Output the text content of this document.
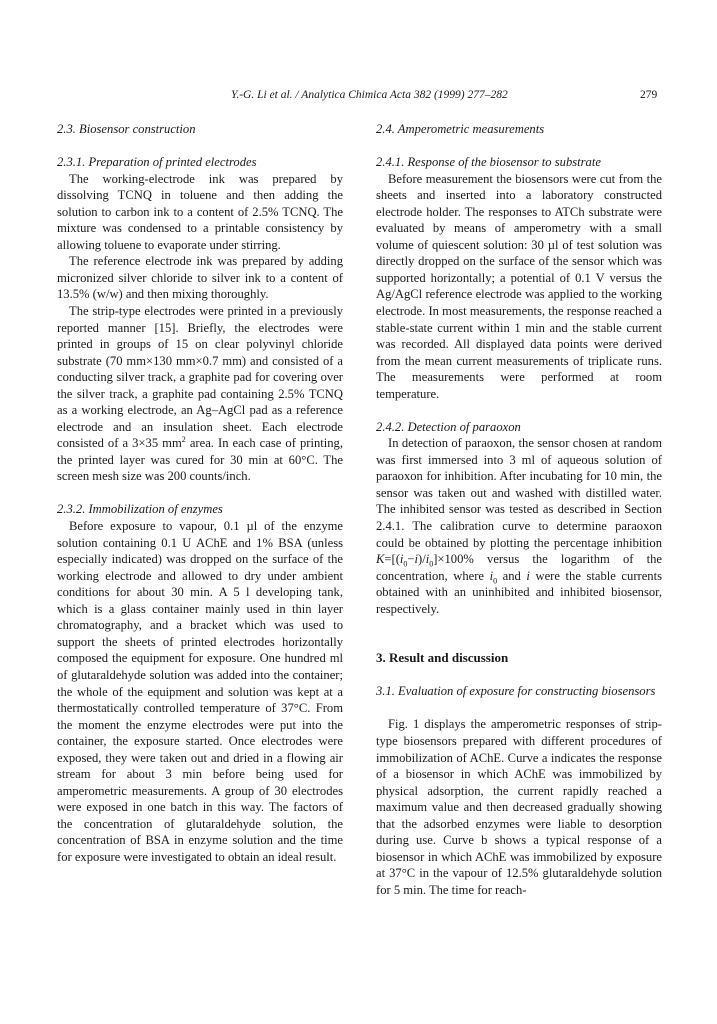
Y.-G. Li et al. / Analytica Chimica Acta 382 (1999) 277–282	279
2.3. Biosensor construction
2.3.1. Preparation of printed electrodes

The working-electrode ink was prepared by dissolving TCNQ in toluene and then adding the solution to carbon ink to a content of 2.5% TCNQ. The mixture was condensed to a printable consistency by allowing toluene to evaporate under stirring.

The reference electrode ink was prepared by adding micronized silver chloride to silver ink to a content of 13.5% (w/w) and then mixing thoroughly.

The strip-type electrodes were printed in a previously reported manner [15]. Briefly, the electrodes were printed in groups of 15 on clear polyvinyl chloride substrate (70 mm×130 mm×0.7 mm) and consisted of a conducting silver track, a graphite pad for covering over the silver track, a graphite pad containing 2.5% TCNQ as a working electrode, an Ag–AgCl pad as a reference electrode and an insulation sheet. Each electrode consisted of a 3×35 $mm^2$ area. In each case of printing, the printed layer was cured for 30 min at 60°C. The screen mesh size was 200 counts/inch.

2.3.2. Immobilization of enzymes

Before exposure to vapour, 0.1 µl of the enzyme solution containing 0.1 U AChE and 1% BSA (unless especially indicated) was dropped on the surface of the working electrode and allowed to dry under ambient conditions for about 30 min. A 5 l developing tank, which is a glass container mainly used in thin layer chromatography, and a bracket which was used to support the sheets of printed electrodes horizontally composed the equipment for exposure. One hundred ml of glutaraldehyde solution was added into the container; the whole of the equipment and solution was kept at a thermostatically controlled temperature of 37°C. From the moment the enzyme electrodes were put into the container, the exposure started. Once electrodes were exposed, they were taken out and dried in a flowing air stream for about 3 min before being used for amperometric measurements. A group of 30 electrodes were exposed in one batch in this way. The factors of the concentration of glutaraldehyde solution, the concentration of BSA in enzyme solution and the time for exposure were investigated to obtain an ideal result.

2.4. Amperometric measurements
2.4.1. Response of the biosensor to substrate

Before measurement the biosensors were cut from the sheets and inserted into a laboratory constructed electrode holder. The responses to ATCh substrate were evaluated by means of amperometry with a small volume of quiescent solution: 30 µl of test solution was directly dropped on the surface of the sensor which was supported horizontally; a potential of 0.1 V versus the Ag/AgCl reference electrode was applied to the working electrode. In most measurements, the response reached a stable-state current within 1 min and the stable current was recorded. All displayed data points were derived from the mean current measurements of triplicate runs. The measurements were performed at room temperature.

2.4.2. Detection of paraoxon

In detection of paraoxon, the sensor chosen at random was first immersed into 3 ml of aqueous solution of paraoxon for inhibition. After incubating for 10 min, the sensor was taken out and washed with distilled water. The inhibited sensor was tested as described in Section 2.4.1. The calibration curve to determine paraoxon could be obtained by plotting the percentage inhibition $K=[(i_0-i)/i_0]\times 100\%$ versus the logarithm of the concentration, where $i_0$ and i were the stable currents obtained with an uninhibited and inhibited biosensor, respectively.

3. Result and discussion
3.1. Evaluation of exposure for constructing biosensors

Fig. 1 displays the amperometric responses of strip-type biosensors prepared with different procedures of immobilization of AChE. Curve a indicates the response of a biosensor in which AChE was immobilized by physical adsorption, the current rapidly reached a maximum value and then decreased gradually showing that the adsorbed enzymes were liable to desorption during use. Curve b shows a typical response of a biosensor in which AChE was immobilized by exposure at 37°C in the vapour of 12.5% glutaraldehyde solution for 5 min. The time for reach-
